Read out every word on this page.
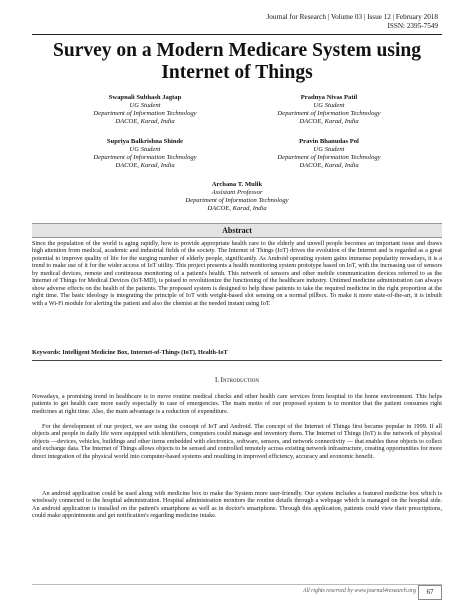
Journal for Research | Volume 03 | Issue 12 | February 2018
ISSN: 2395-7549
Survey on a Modern Medicare System using
Internet of Things
Swapnali Subhash Jagtap
UG Student
Department of Information Technology
DACOE, Karad, India
Pradnya Nivas Patil
UG Student
Department of Information Technology
DACOE, Karad, India
Supriya Balkrishna Shinde
UG Student
Department of Information Technology
DACOE, Karad, India
Pravin Bhanudas Pol
UG Student
Department of Information Technology
DACOE, Karad, India
Archana T. Mulik
Assistant Professor
Department of Information Technology
DACOE, Karad, India
Abstract
Since the population of the world is aging rapidly, how to provide appropriate health care to the elderly and unwell people becomes an important issue and draws high attention from medical, academic and industrial fields of the society. The Internet of Things (IoT) drives the evolution of the Internet and is regarded as a great potential to improve quality of life for the surging number of elderly people, significantly. As Android operating system gains immense popularity nowadays, it is a trend to make use of it for the wider access of IoT utility. This project presents a health monitoring system prototype based on IoT, with the increasing use of sensors by medical devices, remote and continuous monitoring of a patient's health. This network of sensors and other mobile communication devices referred to as the Internet of Things for Medical Devices (IoT-MD), is poised to revolutionize the functioning of the healthcare industry. Untimed medicine administration can always show adverse effects on the health of the patients. The proposed system is designed to help these patients to take the required medicine in the right proportion at the right time. The basic ideology is integrating the principle of IoT with weight-based slot sensing on a normal pillbox. To make it more state-of-the-art, it is inbuilt with a Wi-Fi module for alerting the patient and also the chemist at the needed instant using IoT.
Keywords: Intelligent Medicine Box, Internet-of-Things (IoT), Health-IoT
I. Introduction
Nowadays, a promising trend in healthcare is to move routine medical checks and other health care services from hospital to the home environment. This helps patients to get health care more easily especially in case of emergencies. The main motto of our proposed system is to monitor that the patient consumes right medicines at right time. Also, the main advantage is a reduction of expenditure.
For the development of our project, we are using the concept of IoT and Android. The concept of the Internet of Things first became popular in 1999. If all objects and people in daily life were equipped with identifiers, computers could manage and inventory them. The Internet of Things (IoT) is the network of physical objects —devices, vehicles, buildings and other items embedded with electronics, software, sensors, and network connectivity — that enables these objects to collect and exchange data. The Internet of Things allows objects to be sensed and controlled remotely across existing network infrastructure, creating opportunities for more direct integration of the physical world into computer-based systems and resulting in improved efficiency, accuracy and economic benefit.
An android application could be used along with medicine box to make the System more user-friendly. Our system includes a featured medicine box which is wirelessly connected to the hospital administration. Hospital administration monitors the routine details through a webpage which is managed on the hospital side. An android application is installed on the patient's smartphone as well as in doctor's smartphone. Through this application, patients could view their prescriptions, could make appointments and get notification's regarding medicine intake.
All rights reserved by www.journal4research.org	67
